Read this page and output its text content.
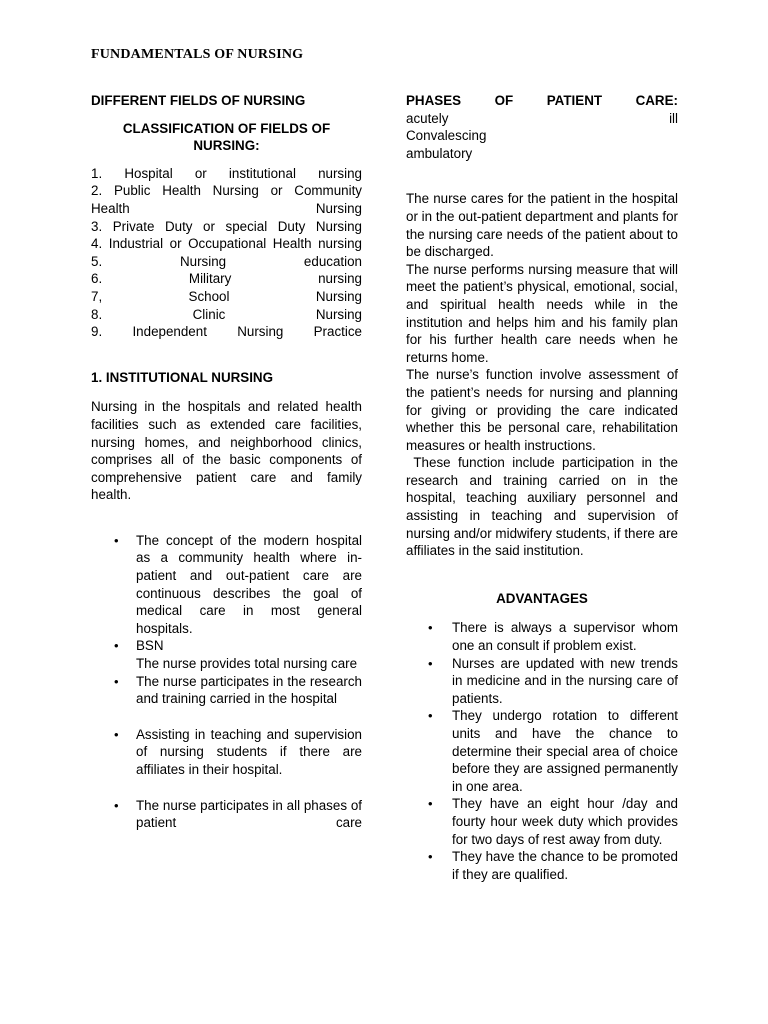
FUNDAMENTALS OF NURSING

DIFFERENT FIELDS OF NURSING

CLASSIFICATION OF FIELDS OF NURSING:

1. Hospital or institutional nursing

2. Public Health Nursing or Community

Health Nursing

3. Private Duty or special Duty Nursing

4. Industrial or Occupational Health nursing

5. Nursing education

6. Military nursing

7, School Nursing

8. Clinic Nursing

9. Independent Nursing Practice

1. INSTITUTIONAL NURSING

Nursing in the hospitals and related health facilities such as extended care facilities, nursing homes, and neighborhood clinics, comprises all of the basic components of comprehensive patient care and family health.

• The concept of the modern hospital as a community health where in-patient and out-patient care are continuous describes the goal of medical care in most general hospitals.
• BSN
The nurse provides total nursing care
• The nurse participates in the research and training carried in the hospital
• Assisting in teaching and supervision of nursing students if there are affiliates in their hospital.
• The nurse participates in all phases of patient care

PHASES OF PATIENT CARE:

acutely ill

Convalescing

ambulatory

The nurse cares for the patient in the hospital or in the out-patient department and plants for the nursing care needs of the patient about to be discharged.

The nurse performs nursing measure that will meet the patient’s physical, emotional, social, and spiritual health needs while in the institution and helps him and his family plan for his further health care needs when he returns home.

The nurse’s function involve assessment of the patient’s needs for nursing and planning for giving or providing the care indicated whether this be personal care, rehabilitation measures or health instructions.

These function include participation in the research and training carried on in the hospital, teaching auxiliary personnel and assisting in teaching and supervision of nursing and/or midwifery students, if there are affiliates in the said institution.

ADVANTAGES

• There is always a supervisor whom one an consult if problem exist.
• Nurses are updated with new trends in medicine and in the nursing care of patients.
• They undergo rotation to different units and have the chance to determine their special area of choice before they are assigned permanently in one area.
• They have an eight hour /day and fourty hour week duty which provides for two days of rest away from duty.
• They have the chance to be promoted if they are qualified.
